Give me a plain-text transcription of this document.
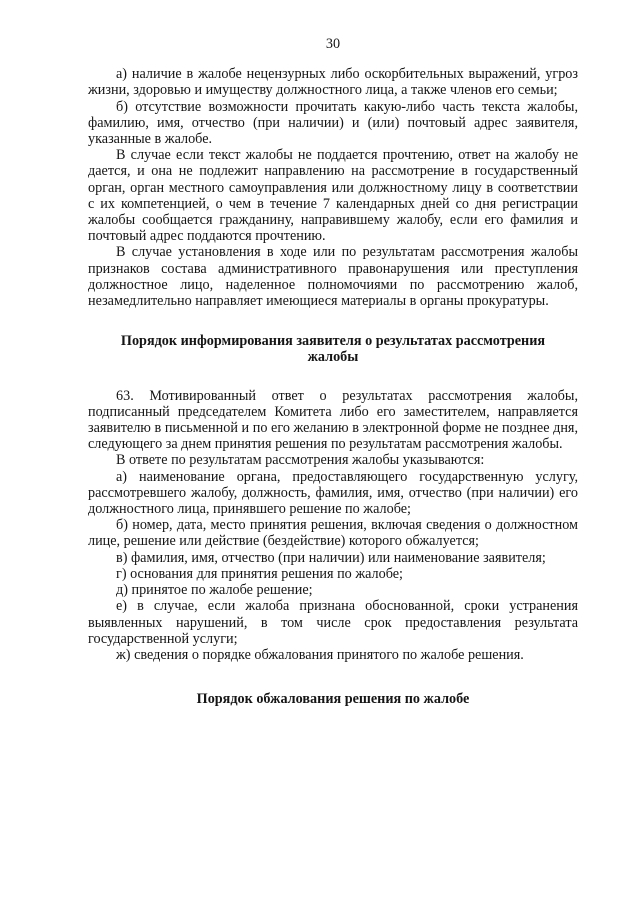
30

а) наличие в жалобе нецензурных либо оскорбительных выражений, угроз жизни, здоровью и имуществу должностного лица, а также членов его семьи;

б) отсутствие возможности прочитать какую-либо часть текста жалобы, фамилию, имя, отчество (при наличии) и (или) почтовый адрес заявителя, указанные в жалобе.

В случае если текст жалобы не поддается прочтению, ответ на жалобу не дается, и она не подлежит направлению на рассмотрение в государственный орган, орган местного самоуправления или должностному лицу в соответствии с их компетенцией, о чем в течение 7 календарных дней со дня регистрации жалобы сообщается гражданину, направившему жалобу, если его фамилия и почтовый адрес поддаются прочтению.

В случае установления в ходе или по результатам рассмотрения жалобы признаков состава административного правонарушения или преступления должностное лицо, наделенное полномочиями по рассмотрению жалоб, незамедлительно направляет имеющиеся материалы в органы прокуратуры.

Порядок информирования заявителя о результатах рассмотрения жалобы

63. Мотивированный ответ о результатах рассмотрения жалобы, подписанный председателем Комитета либо его заместителем, направляется заявителю в письменной и по его желанию в электронной форме не позднее дня, следующего за днем принятия решения по результатам рассмотрения жалобы.

В ответе по результатам рассмотрения жалобы указываются:

а) наименование органа, предоставляющего государственную услугу, рассмотревшего жалобу, должность, фамилия, имя, отчество (при наличии) его должностного лица, принявшего решение по жалобе;

б) номер, дата, место принятия решения, включая сведения о должностном лице, решение или действие (бездействие) которого обжалуется;

в) фамилия, имя, отчество (при наличии) или наименование заявителя;

г) основания для принятия решения по жалобе;

д) принятое по жалобе решение;

е) в случае, если жалоба признана обоснованной, сроки устранения выявленных нарушений, в том числе срок предоставления результата государственной услуги;

ж) сведения о порядке обжалования принятого по жалобе решения.

Порядок обжалования решения по жалобе
